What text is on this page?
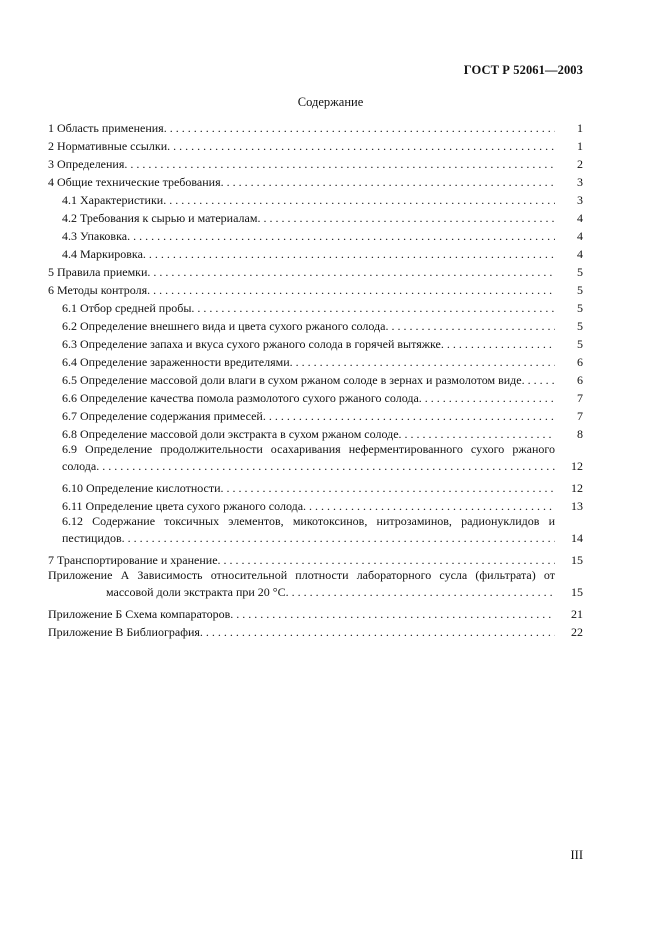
ГОСТ Р 52061—2003
Содержание
1 Область применения . . .	1
2 Нормативные ссылки . . .	1
3 Определения . . .	2
4 Общие технические требования . . .	3
4.1 Характеристики . . .	3
4.2 Требования к сырью и материалам . . .	4
4.3 Упаковка . . .	4
4.4 Маркировка . . .	4
5 Правила приемки . . .	5
6 Методы контроля . . .	5
6.1 Отбор средней пробы . . .	5
6.2 Определение внешнего вида и цвета сухого ржаного солода . . .	5
6.3 Определение запаха и вкуса сухого ржаного солода в горячей вытяжке . . .	5
6.4 Определение зараженности вредителями . . .	6
6.5 Определение массовой доли влаги в сухом ржаном солоде в зернах и размолотом виде . . .	6
6.6 Определение качества помола размолотого сухого ржаного солода . . .	7
6.7 Определение содержания примесей . . .	7
6.8 Определение массовой доли экстракта в сухом ржаном солоде . . .	8
6.9 Определение продолжительности осахаривания неферментированного сухого ржаного
солода . . .	12
6.10 Определение кислотности . . .	12
6.11 Определение цвета сухого ржаного солода . . .	13
6.12 Содержание токсичных элементов, микотоксинов, нитрозаминов, радионуклидов и
пестицидов . . .	14
7 Транспортирование и хранение . . .	15
Приложение А Зависимость относительной плотности лабораторного сусла (фильтрата) от
массовой доли экстракта при 20 °С . . .	15
Приложение Б Схема компараторов . . .	21
Приложение В Библиография . . .	22
III
